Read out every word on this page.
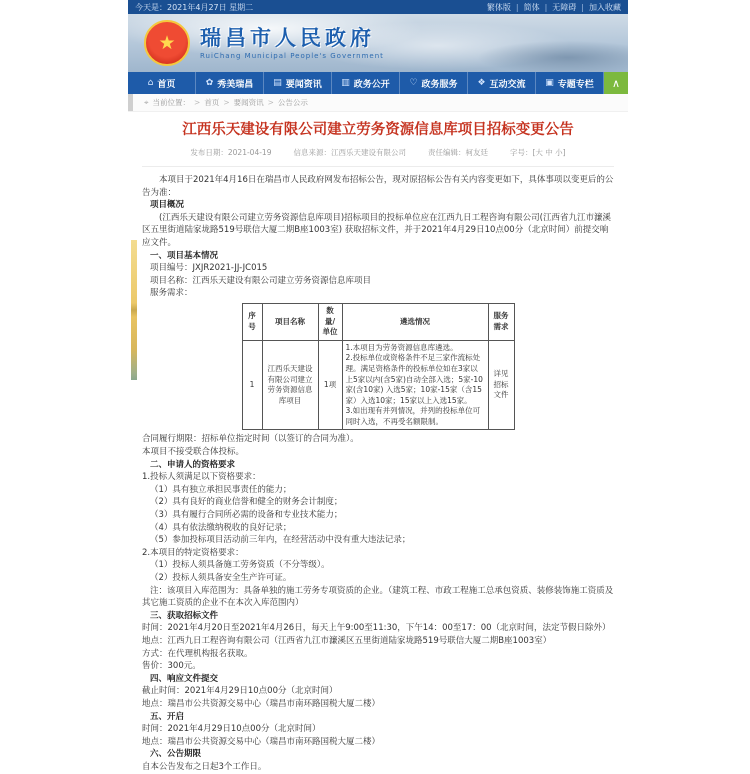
今天是：2021年4月27日 星期二	繁体版	| 简体	| 无障碍	| 加入收藏
★	瑞昌市人民政府
RuiChang Municipal People's Government
⌂ 首页	✿ 秀美瑞昌 ▤ 要闻资讯 ▥ 政务公开 ♡ 政务服务 ❖ 互动交流 ▣ 专题专栏 ∧
⌖ 当前位置：	> 首页	> 要闻资讯	> 公告公示
江西乐天建设有限公司建立劳务资源信息库项目招标变更公告
发布日期：2021-04-19	信息来源：江西乐天建设有限公司	责任编辑：柯友廷	字号：[大 中 小]
本项目于2021年4月16日在瑞昌市人民政府网发布招标公告，现对原招标公告有关内容变更如下，具体事项以变更后的公告为准：
项目概况
(江西乐天建设有限公司建立劳务资源信息库项目)招标项目的投标单位应在江西九日工程咨询有限公司(江西省九江市濂溪区五里街道陆家垅路519号联信大厦二期B座1003室) 获取招标文件，并于2021年4月29日10点00分（北京时间）前提交响应文件。
一、项目基本情况
项目编号：JXJR2021-JJ-JC015
项目名称：江西乐天建设有限公司建立劳务资源信息库项目
服务需求：
序号	项目名称	数量/单位	遴选情况	服务需求
1	江西乐天建设有限公司建立劳务资源信息库项目	1项	1.本项目为劳务资源信息库遴选。
2.投标单位或资格条件不足三家作流标处理。满足资格条件的投标单位如在3家以上5家以内(含5家)自动全部入选；5家-10家(含10家) 入选5家；10家-15家（含15家）入选10家；15家以上入选15家。
3.如出现有并列情况，并列的投标单位可同时入选，不再受名额限制。	详见招标文件
合同履行期限：招标单位指定时间（以签订的合同为准）。
本项目不接受联合体投标。
二、申请人的资格要求
1.投标人须满足以下资格要求：
（1）具有独立承担民事责任的能力；
（2）具有良好的商业信誉和健全的财务会计制度；
（3）具有履行合同所必需的设备和专业技术能力；
（4）具有依法缴纳税收的良好记录；
（5）参加投标项目活动前三年内，在经营活动中没有重大违法记录；
2.本项目的特定资格要求：
（1）投标人须具备施工劳务资质（不分等级）。
（2）投标人须具备安全生产许可证。
注：该项目入库范围为：具备单独的施工劳务专项资质的企业。（建筑工程、市政工程施工总承包资质、装修装饰施工资质及其它施工资质的企业不在本次入库范围内）
三、获取招标文件
时间：2021年4月20日至2021年4月26日，每天上午9:00至11:30，下午14：00至17：00（北京时间，法定节假日除外）
地点：江西九日工程咨询有限公司（江西省九江市濂溪区五里街道陆家垅路519号联信大厦二期B座1003室）
方式：在代理机构报名获取。
售价：300元。
四、响应文件提交
截止时间：2021年4月29日10点00分（北京时间）
地点：瑞昌市公共资源交易中心（瑞昌市南环路国税大厦二楼）
五、开启
时间：2021年4月29日10点00分（北京时间）
地点：瑞昌市公共资源交易中心（瑞昌市南环路国税大厦二楼）
六、公告期限
自本公告发布之日起3个工作日。
